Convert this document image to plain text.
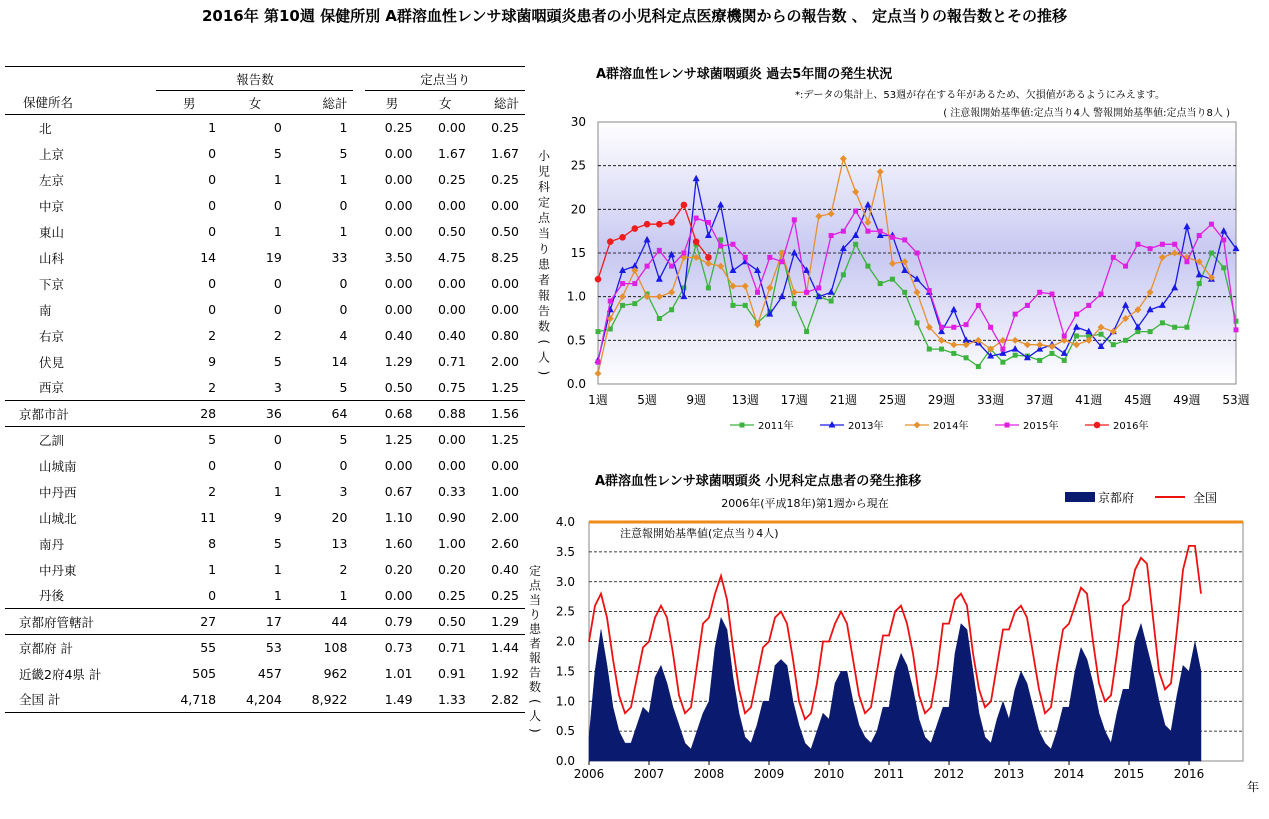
2016年 第10週 保健所別 A群溶血性レンサ球菌咽頭炎患者の小児科定点医療機関からの報告数 、 定点当りの報告数とその推移
	報告数				定点当り		
保健所名	男	女	総計		男	女	総計
北	1	0	1		0.25	0.00	0.25
上京	0	5	5		0.00	1.67	1.67
左京	0	1	1		0.00	0.25	0.25
中京	0	0	0		0.00	0.00	0.00
東山	0	1	1		0.00	0.50	0.50
山科	14	19	33		3.50	4.75	8.25
下京	0	0	0		0.00	0.00	0.00
南	0	0	0		0.00	0.00	0.00
右京	2	2	4		0.40	0.40	0.80
伏見	9	5	14		1.29	0.71	2.00
西京	2	3	5		0.50	0.75	1.25
京都市計	28	36	64		0.68	0.88	1.56
乙訓	5	0	5		1.25	0.00	1.25
山城南	0	0	0		0.00	0.00	0.00
中丹西	2	1	3		0.67	0.33	1.00
山城北	11	9	20		1.10	0.90	2.00
南丹	8	5	13		1.60	1.00	2.60
中丹東	1	1	2		0.20	0.20	0.40
丹後	0	1	1		0.00	0.25	0.25
京都府管轄計	27	17	44		0.79	0.50	1.29
京都府 計	55	53	108		0.73	0.71	1.44
近畿2府4県 計	505	457	962		1.01	0.91	1.92
全国 計	4,718	4,204	8,922		1.49	1.33	2.82
A群溶血性レンサ球菌咽頭炎 過去5年間の発生状況
*:データの集計上、53週が存在する年があるため、欠損値があるようにみえます。
( 注意報開始基準値:定点当り4人 警報開始基準値:定点当り8人 )
0.0
0.5
1.0
15
20
25
30
1週 5週 9週 13週 17週 21週 25週 29週 33週 37週 41週 45週 49週 53週
小
児
科
定
点
当
り
患
者
報
告
数
(
人
)
2011年	2013年	2014年	2015年	2016年
A群溶血性レンサ球菌咽頭炎 小児科定点患者の発生推移
2006年(平成18年)第1週から現在	京都府	全国
0.0
0.5
1.0
1.5
2.0
2.5
3.0
3.5
4.0
注意報開始基準値(定点当り4人)
2006 2007 2008 2009 2010 2011 2012 2013 2014 2015 2016
年
定
点
当
り
患
者
報
告
数
(
人
)
